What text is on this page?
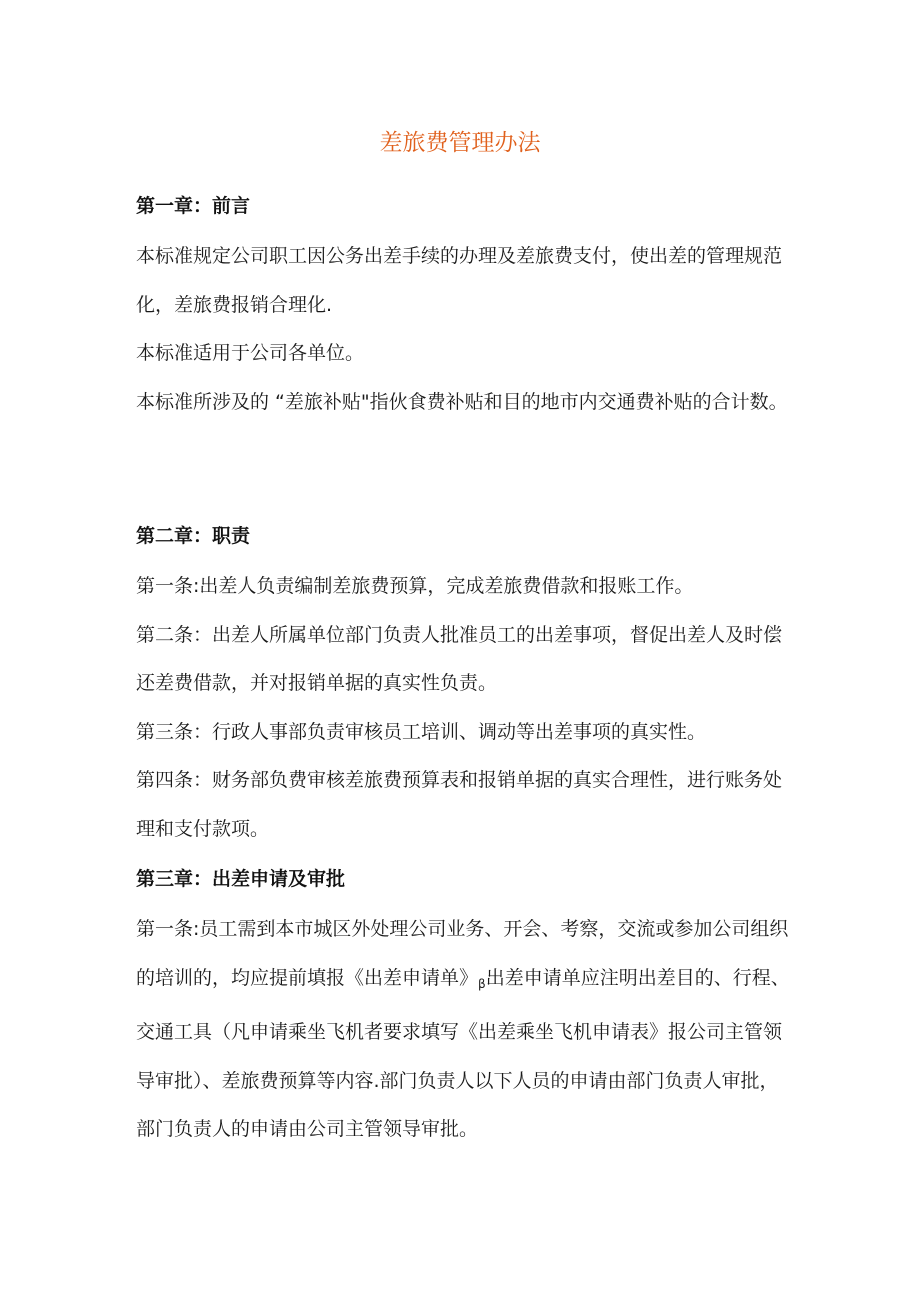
差旅费管理办法
第一章：前言

本标准规定公司职工因公务出差手续的办理及差旅费支付，使出差的管理规范化，差旅费报销合理化.

本标准适用于公司各单位。

本标准所涉及的 “差旅补贴"指伙食费补贴和目的地市内交通费补贴的合计数。

第二章：职责

第一条:出差人负责编制差旅费预算，完成差旅费借款和报账工作。

第二条：出差人所属单位部门负责人批准员工的出差事项，督促出差人及时偿还差费借款，并对报销单据的真实性负责。

第三条：行政人事部负责审核员工培训、调动等出差事项的真实性。

第四条：财务部负费审核差旅费预算表和报销单据的真实合理性，进行账务处理和支付款项。

第三章：出差申请及审批

第一条:员工需到本市城区外处理公司业务、开会、考察，交流或参加公司组织的培训的，均应提前填报《出差申请单》$_\beta$出差申请单应注明出差目的、行程、交通工具（凡申请乘坐飞机者要求填写《出差乘坐飞机申请表》报公司主管领导审批）、差旅费预算等内容.部门负责人以下人员的申请由部门负责人审批，部门负责人的申请由公司主管领导审批。
